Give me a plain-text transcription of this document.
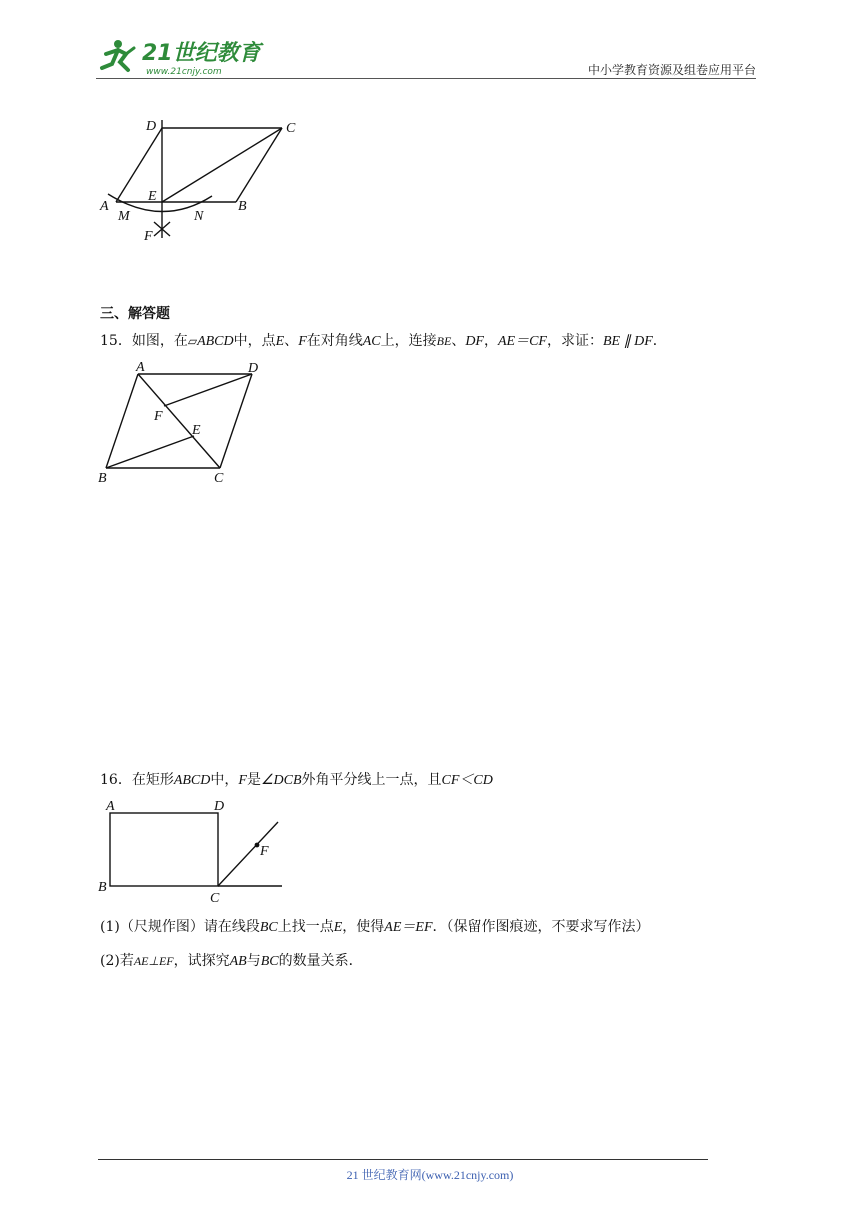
21世纪教育
www.21cnjy.com	中小学教育资源及组卷应用平台
D	C
A
E
B
M	N
F
三、解答题
15．如图，在▱ABCD中，点E、F在对角线AC上，连接BE、DF，AE＝CF，求证：BE ∥ DF．
A	D
F
E
B	C
16．在矩形ABCD中，F是∠DCB外角平分线上一点，且CF＜CD
A	D
F
B
C
(1)（尺规作图）请在线段BC上找一点E，使得AE＝EF．（保留作图痕迹，不要求写作法）
(2)若AE⊥EF，试探究AB与BC的数量关系．
21 世纪教育网(www.21cnjy.com)
